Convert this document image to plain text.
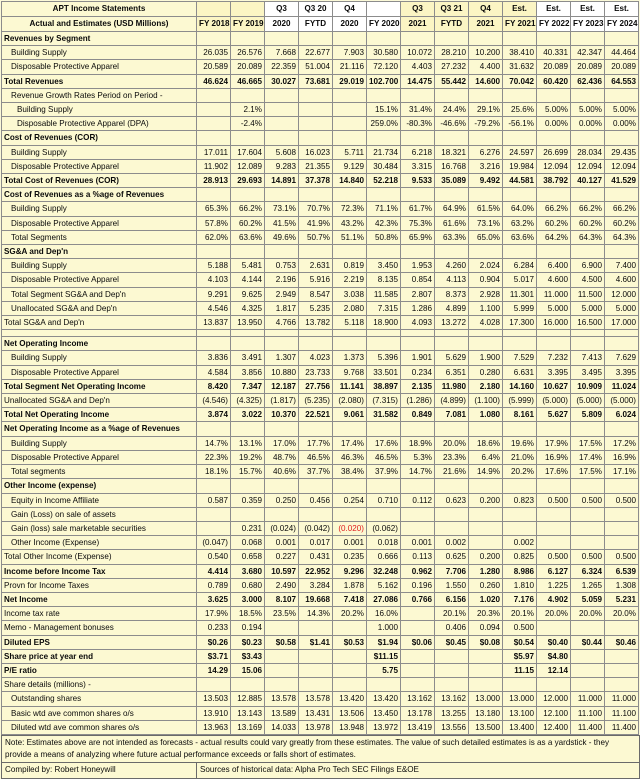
APT Income Statements			Q3	Q3 20	Q4		Q3	Q3 21	Q4	Est.	Est.	Est.	Est.
Actual and Estimates (USD Millions)	FY 2018	FY 2019	2020	FYTD	2020	FY 2020	2021	FYTD	2021	FY 2021	FY 2022	FY 2023	FY 2024
Revenues by Segment													
Building Supply	26.035	26.576	7.668	22.677	7.903	30.580	10.072	28.210	10.200	38.410	40.331	42.347	44.464
Disposable Protective Apparel	20.589	20.089	22.359	51.004	21.116	72.120	4.403	27.232	4.400	31.632	20.089	20.089	20.089
Total Revenues	46.624	46.665	30.027	73.681	29.019	102.700	14.475	55.442	14.600	70.042	60.420	62.436	64.553
Revenue Growth Rates Period on Period -													
Building Supply		2.1%				15.1%	31.4%	24.4%	29.1%	25.6%	5.00%	5.00%	5.00%
Disposable Protective Apparel (DPA)		-2.4%				259.0%	-80.3%	-46.6%	-79.2%	-56.1%	0.00%	0.00%	0.00%
Cost of Revenues (COR)													
Building Supply	17.011	17.604	5.608	16.023	5.711	21.734	6.218	18.321	6.276	24.597	26.699	28.034	29.435
Disposable Protective Apparel	11.902	12.089	9.283	21.355	9.129	30.484	3.315	16.768	3.216	19.984	12.094	12.094	12.094
Total Cost of Revenues (COR)	28.913	29.693	14.891	37.378	14.840	52.218	9.533	35.089	9.492	44.581	38.792	40.127	41.529
Cost of Revenues as a %age of Revenues													
Building Supply	65.3%	66.2%	73.1%	70.7%	72.3%	71.1%	61.7%	64.9%	61.5%	64.0%	66.2%	66.2%	66.2%
Disposable Protective Apparel	57.8%	60.2%	41.5%	41.9%	43.2%	42.3%	75.3%	61.6%	73.1%	63.2%	60.2%	60.2%	60.2%
Total Segments	62.0%	63.6%	49.6%	50.7%	51.1%	50.8%	65.9%	63.3%	65.0%	63.6%	64.2%	64.3%	64.3%
SG&A and Dep'n													
Building Supply	5.188	5.481	0.753	2.631	0.819	3.450	1.953	4.260	2.024	6.284	6.400	6.900	7.400
Disposable Protective Apparel	4.103	4.144	2.196	5.916	2.219	8.135	0.854	4.113	0.904	5.017	4.600	4.500	4.600
Total Segment SG&A and Dep'n	9.291	9.625	2.949	8.547	3.038	11.585	2.807	8.373	2.928	11.301	11.000	11.500	12.000
Unallocated SG&A and Dep'n	4.546	4.325	1.817	5.235	2.080	7.315	1.286	4.899	1.100	5.999	5.000	5.000	5.000
Total SG&A and Dep'n	13.837	13.950	4.766	13.782	5.118	18.900	4.093	13.272	4.028	17.300	16.000	16.500	17.000

Net Operating Income													
Building Supply	3.836	3.491	1.307	4.023	1.373	5.396	1.901	5.629	1.900	7.529	7.232	7.413	7.629
Disposable Protective Apparel	4.584	3.856	10.880	23.733	9.768	33.501	0.234	6.351	0.280	6.631	3.395	3.495	3.395
Total Segment Net Operating Income	8.420	7.347	12.187	27.756	11.141	38.897	2.135	11.980	2.180	14.160	10.627	10.909	11.024
Unallocated SG&A and Dep'n	(4.546)	(4.325)	(1.817)	(5.235)	(2.080)	(7.315)	(1.286)	(4.899)	(1.100)	(5.999)	(5.000)	(5.000)	(5.000)
Total Net Operating Income	3.874	3.022	10.370	22.521	9.061	31.582	0.849	7.081	1.080	8.161	5.627	5.809	6.024
Net Operating Income as a %age of Revenues													
Building Supply	14.7%	13.1%	17.0%	17.7%	17.4%	17.6%	18.9%	20.0%	18.6%	19.6%	17.9%	17.5%	17.2%
Disposable Protective Apparel	22.3%	19.2%	48.7%	46.5%	46.3%	46.5%	5.3%	23.3%	6.4%	21.0%	16.9%	17.4%	16.9%
Total segments	18.1%	15.7%	40.6%	37.7%	38.4%	37.9%	14.7%	21.6%	14.9%	20.2%	17.6%	17.5%	17.1%
Other Income (expense)													
Equity in Income Affiliate	0.587	0.359	0.250	0.456	0.254	0.710	0.112	0.623	0.200	0.823	0.500	0.500	0.500
Gain (Loss) on sale of assets													
Gain (loss) sale marketable securities		0.231	(0.024)	(0.042)	(0.020)	(0.062)							
Other Income (Expense)	(0.047)	0.068	0.001	0.017	0.001	0.018	0.001	0.002		0.002			
Total Other Income (Expense)	0.540	0.658	0.227	0.431	0.235	0.666	0.113	0.625	0.200	0.825	0.500	0.500	0.500
Income before Income Tax	4.414	3.680	10.597	22.952	9.296	32.248	0.962	7.706	1.280	8.986	6.127	6.324	6.539
Provn for Income Taxes	0.789	0.680	2.490	3.284	1.878	5.162	0.196	1.550	0.260	1.810	1.225	1.265	1.308
Net Income	3.625	3.000	8.107	19.668	7.418	27.086	0.766	6.156	1.020	7.176	4.902	5.059	5.231
Income tax rate	17.9%	18.5%	23.5%	14.3%	20.2%	16.0%		20.1%	20.3%	20.1%	20.0%	20.0%	20.0%
Memo - Management bonuses	0.233	0.194				1.000		0.406	0.094	0.500			
Diluted EPS	$0.26	$0.23	$0.58	$1.41	$0.53	$1.94	$0.06	$0.45	$0.08	$0.54	$0.40	$0.44	$0.46
Share price at year end	$3.71	$3.43				$11.15				$5.97	$4.80		
P/E ratio	14.29	15.06				5.75				11.15	12.14		
Share details (millions) -													
Outstanding shares	13.503	12.885	13.578	13.578	13.420	13.420	13.162	13.162	13.000	13.000	12.000	11.000	11.000
Basic wtd ave common shares o/s	13.910	13.143	13.589	13.431	13.506	13.450	13.178	13.255	13.180	13.100	12.100	11.100	11.100
Diluted wtd ave common shares o/s	13.963	13.169	14.033	13.978	13.948	13.972	13.419	13.556	13.500	13.400	12.400	11.400	11.400
Note: Estimates above are not intended as forecasts - actual results could vary greatly from these estimates. The value of such detailed estimates is as a yardstick - they provide a means of analyzing where future actual performance exceeds or falls short of estimates.
Compiled by: Robert Honeywill	Sources of historical data: Alpha Pro Tech SEC Filings E&OE
